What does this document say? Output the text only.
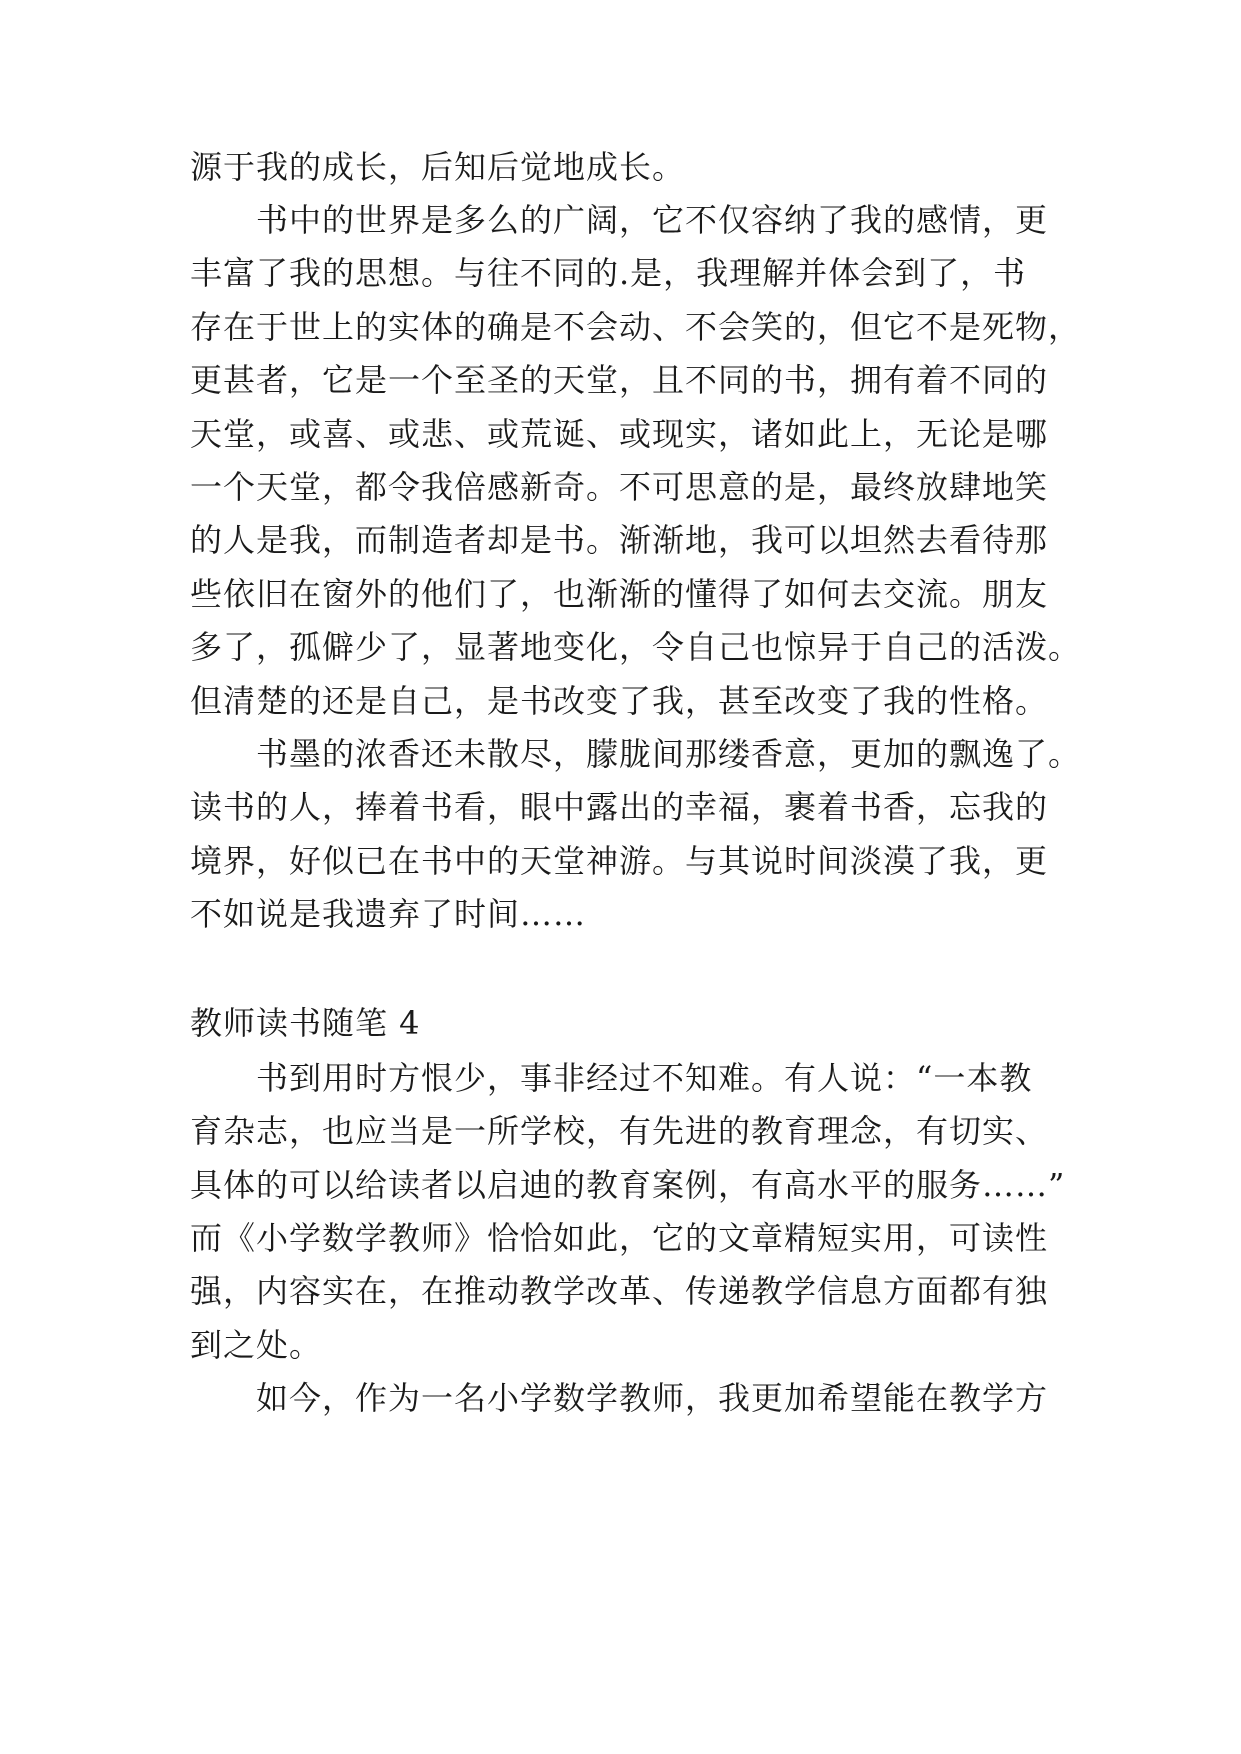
源于我的成长，后知后觉地成长。
书中的世界是多么的广阔，它不仅容纳了我的感情，更
丰富了我的思想。与往不同的.是，我理解并体会到了，书
存在于世上的实体的确是不会动、不会笑的，但它不是死物，
更甚者，它是一个至圣的天堂，且不同的书，拥有着不同的
天堂，或喜、或悲、或荒诞、或现实，诸如此上，无论是哪
一个天堂，都令我倍感新奇。不可思意的是，最终放肆地笑
的人是我，而制造者却是书。渐渐地，我可以坦然去看待那
些依旧在窗外的他们了，也渐渐的懂得了如何去交流。朋友
多了，孤僻少了，显著地变化，令自己也惊异于自己的活泼。
但清楚的还是自己，是书改变了我，甚至改变了我的性格。
书墨的浓香还未散尽，朦胧间那缕香意，更加的飘逸了。
读书的人，捧着书看，眼中露出的幸福，裹着书香，忘我的
境界，好似已在书中的天堂神游。与其说时间淡漠了我，更
不如说是我遗弃了时间……
教师读书随笔 4
书到用时方恨少，事非经过不知难。有人说：“一本教
育杂志，也应当是一所学校，有先进的教育理念，有切实、
具体的可以给读者以启迪的教育案例，有高水平的服务……”
而《小学数学教师》恰恰如此，它的文章精短实用，可读性
强，内容实在，在推动教学改革、传递教学信息方面都有独
到之处。
如今，作为一名小学数学教师，我更加希望能在教学方
